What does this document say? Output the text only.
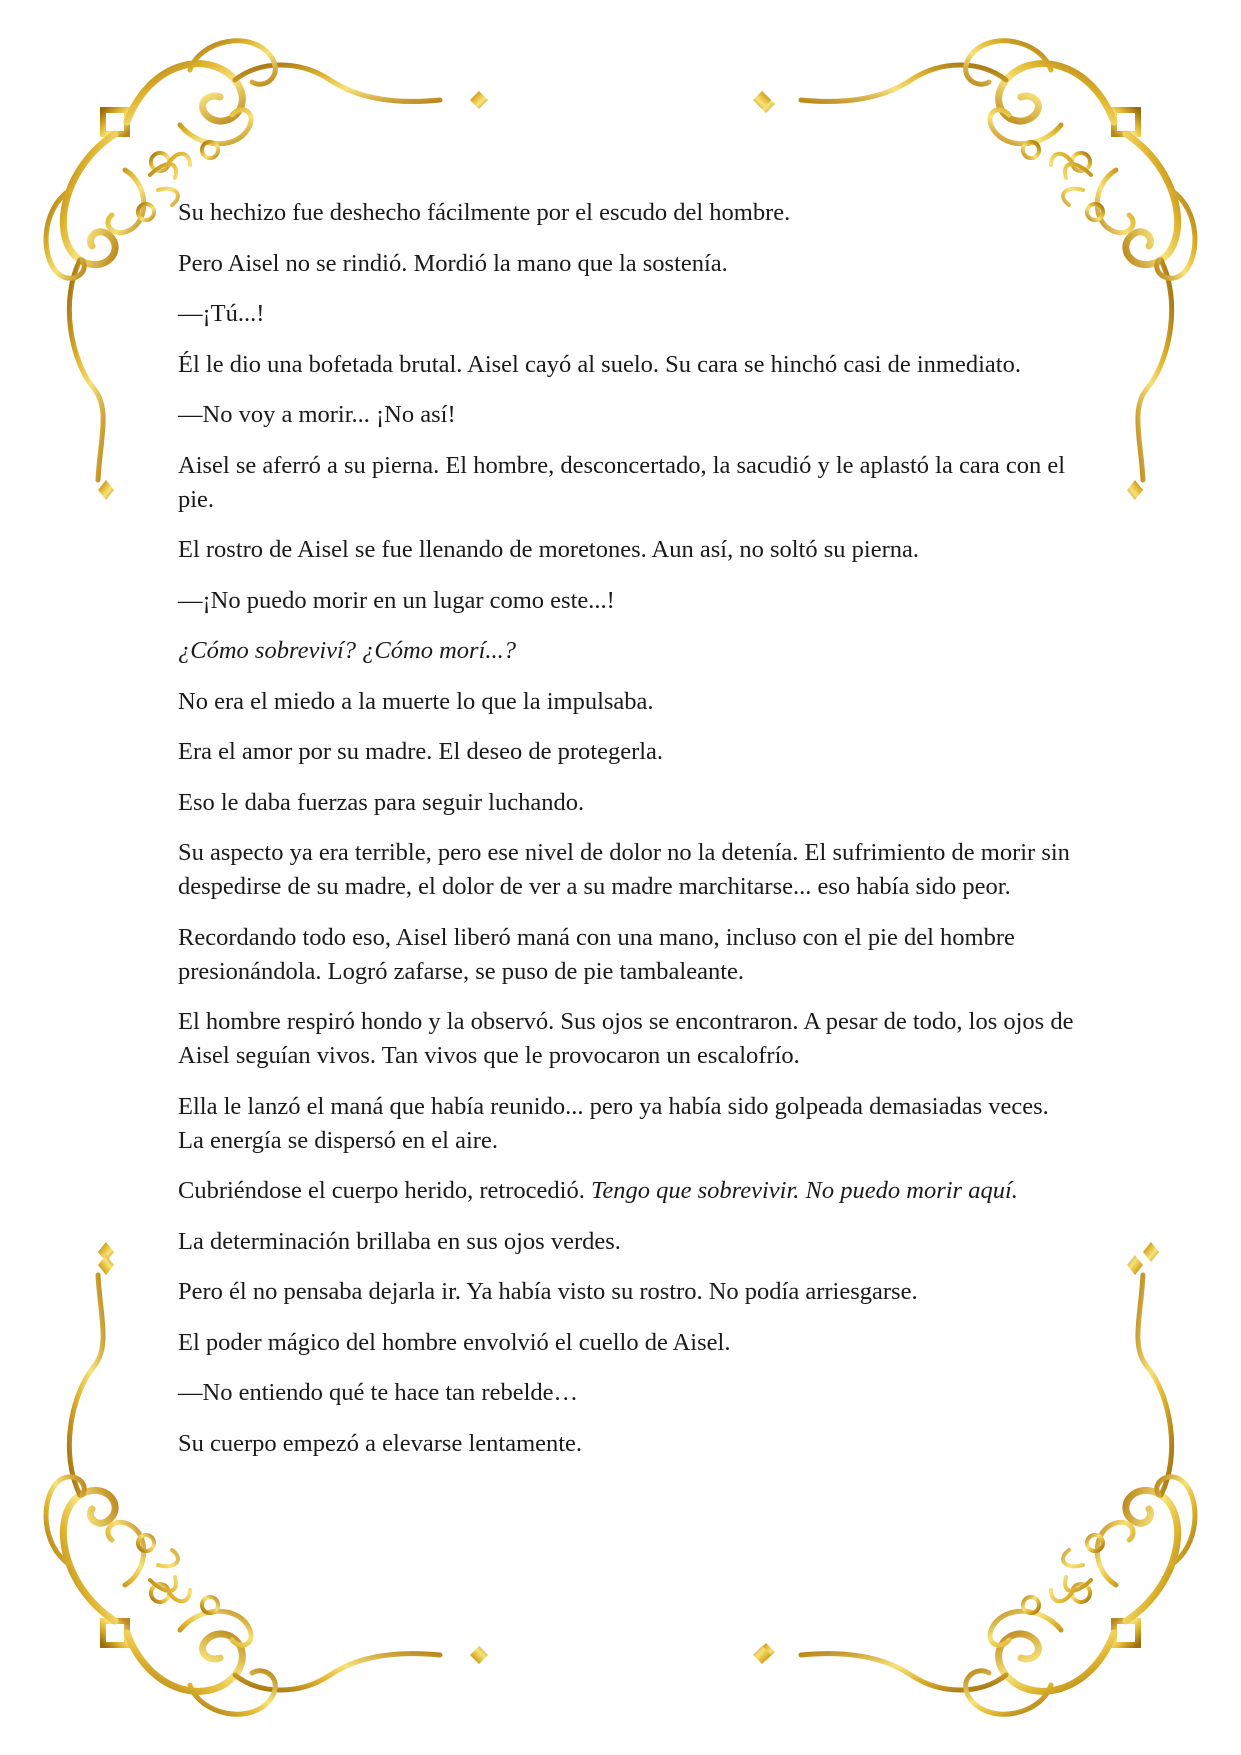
Su hechizo fue deshecho fácilmente por el escudo del hombre.

Pero Aisel no se rindió. Mordió la mano que la sostenía.

—¡Tú...!

Él le dio una bofetada brutal. Aisel cayó al suelo. Su cara se hinchó casi de inmediato.

—No voy a morir... ¡No así!

Aisel se aferró a su pierna. El hombre, desconcertado, la sacudió y le aplastó la cara con el pie.

El rostro de Aisel se fue llenando de moretones. Aun así, no soltó su pierna.

—¡No puedo morir en un lugar como este...!

¿Cómo sobreviví? ¿Cómo morí...?

No era el miedo a la muerte lo que la impulsaba.

Era el amor por su madre. El deseo de protegerla.

Eso le daba fuerzas para seguir luchando.

Su aspecto ya era terrible, pero ese nivel de dolor no la detenía. El sufrimiento de morir sin despedirse de su madre, el dolor de ver a su madre marchitarse... eso había sido peor.

Recordando todo eso, Aisel liberó maná con una mano, incluso con el pie del hombre presionándola. Logró zafarse, se puso de pie tambaleante.

El hombre respiró hondo y la observó. Sus ojos se encontraron. A pesar de todo, los ojos de Aisel seguían vivos. Tan vivos que le provocaron un escalofrío.

Ella le lanzó el maná que había reunido... pero ya había sido golpeada demasiadas veces. La energía se dispersó en el aire.

Cubriéndose el cuerpo herido, retrocedió. Tengo que sobrevivir. No puedo morir aquí.

La determinación brillaba en sus ojos verdes.

Pero él no pensaba dejarla ir. Ya había visto su rostro. No podía arriesgarse.

El poder mágico del hombre envolvió el cuello de Aisel.

—No entiendo qué te hace tan rebelde…

Su cuerpo empezó a elevarse lentamente.
